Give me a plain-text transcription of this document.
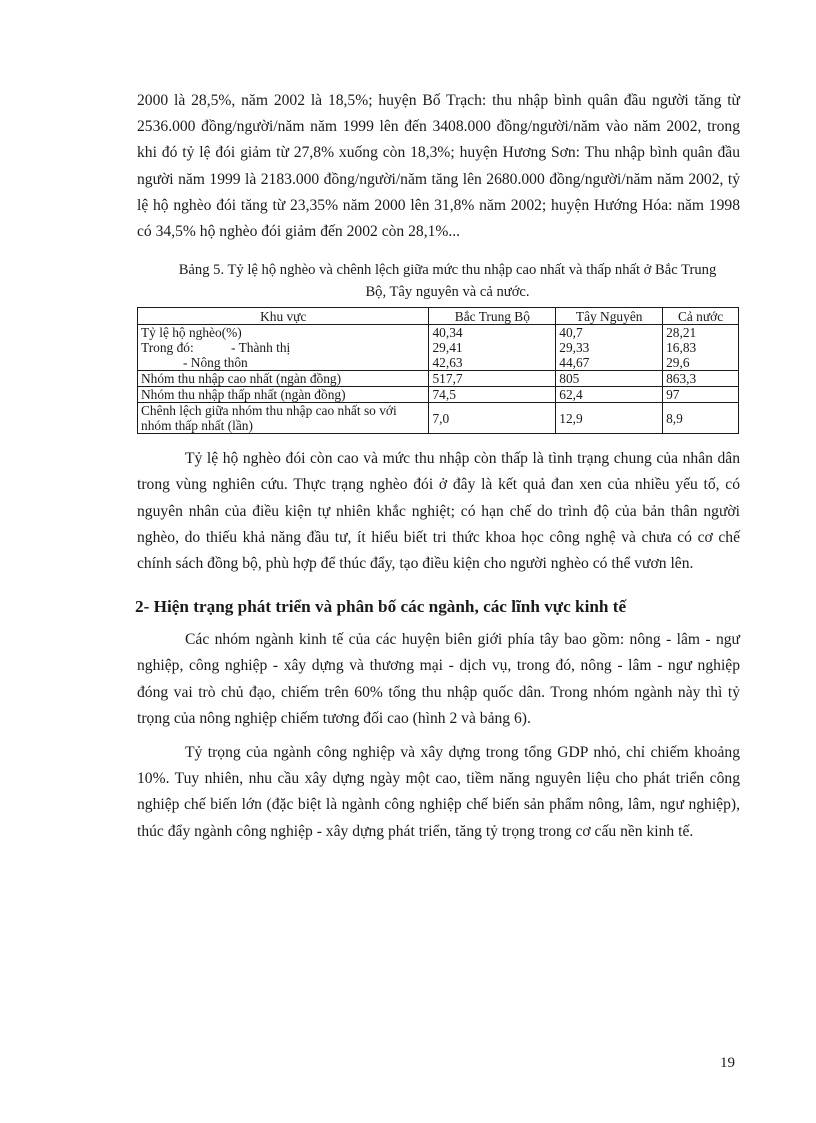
2000 là 28,5%, năm 2002 là 18,5%; huyện Bố Trạch: thu nhập bình quân đầu người tăng từ 2536.000 đồng/người/năm năm 1999 lên đến 3408.000 đồng/người/năm vào năm 2002, trong khi đó tỷ lệ đói giảm từ 27,8% xuống còn 18,3%; huyện Hương Sơn: Thu nhập bình quân đầu người năm 1999 là 2183.000 đồng/người/năm tăng lên 2680.000 đồng/người/năm năm 2002, tỷ lệ hộ nghèo đói tăng từ 23,35% năm 2000 lên 31,8% năm 2002; huyện Hướng Hóa: năm 1998 có 34,5% hộ nghèo đói giảm đến 2002 còn 28,1%...

Bảng 5. Tỷ lệ hộ nghèo và chênh lệch giữa mức thu nhập cao nhất và thấp nhất ở Bắc Trung Bộ, Tây nguyên và cả nước.

Khu vực	Bắc Trung Bộ	Tây Nguyên	Cả nước
Tỷ lệ hộ nghèo(%)	40,34	40,7	28,21
Trong đó: - Thành thị	29,41	29,33	16,83
- Nông thôn	42,63	44,67	29,6
Nhóm thu nhập cao nhất (ngàn đồng)	517,7	805	863,3
Nhóm thu nhập thấp nhất (ngàn đồng)	74,5	62,4	97
Chênh lệch giữa nhóm thu nhập cao nhất so với nhóm thấp nhất (lần)	7,0	12,9	8,9

Tỷ lệ hộ nghèo đói còn cao và mức thu nhập còn thấp là tình trạng chung của nhân dân trong vùng nghiên cứu. Thực trạng nghèo đói ở đây là kết quả đan xen của nhiều yếu tố, có nguyên nhân của điều kiện tự nhiên khắc nghiệt; có hạn chế do trình độ của bản thân người nghèo, do thiếu khả năng đầu tư, ít hiểu biết tri thức khoa học công nghệ và chưa có cơ chế chính sách đồng bộ, phù hợp để thúc đẩy, tạo điều kiện cho người nghèo có thể vươn lên.

2- Hiện trạng phát triển và phân bố các ngành, các lĩnh vực kinh tế

Các nhóm ngành kinh tế của các huyện biên giới phía tây bao gồm: nông - lâm - ngư nghiệp, công nghiệp - xây dựng và thương mại - dịch vụ, trong đó, nông - lâm - ngư nghiệp đóng vai trò chủ đạo, chiếm trên 60% tổng thu nhập quốc dân. Trong nhóm ngành này thì tỷ trọng của nông nghiệp chiếm tương đối cao (hình 2 và bảng 6).

Tỷ trọng của ngành công nghiệp và xây dựng trong tổng GDP nhỏ, chỉ chiếm khoảng 10%. Tuy nhiên, nhu cầu xây dựng ngày một cao, tiềm năng nguyên liệu cho phát triển công nghiệp chế biến lớn (đặc biệt là ngành công nghiệp chế biến sản phẩm nông, lâm, ngư nghiệp), thúc đẩy ngành công nghiệp - xây dựng phát triển, tăng tỷ trọng trong cơ cấu nền kinh tế.

19
